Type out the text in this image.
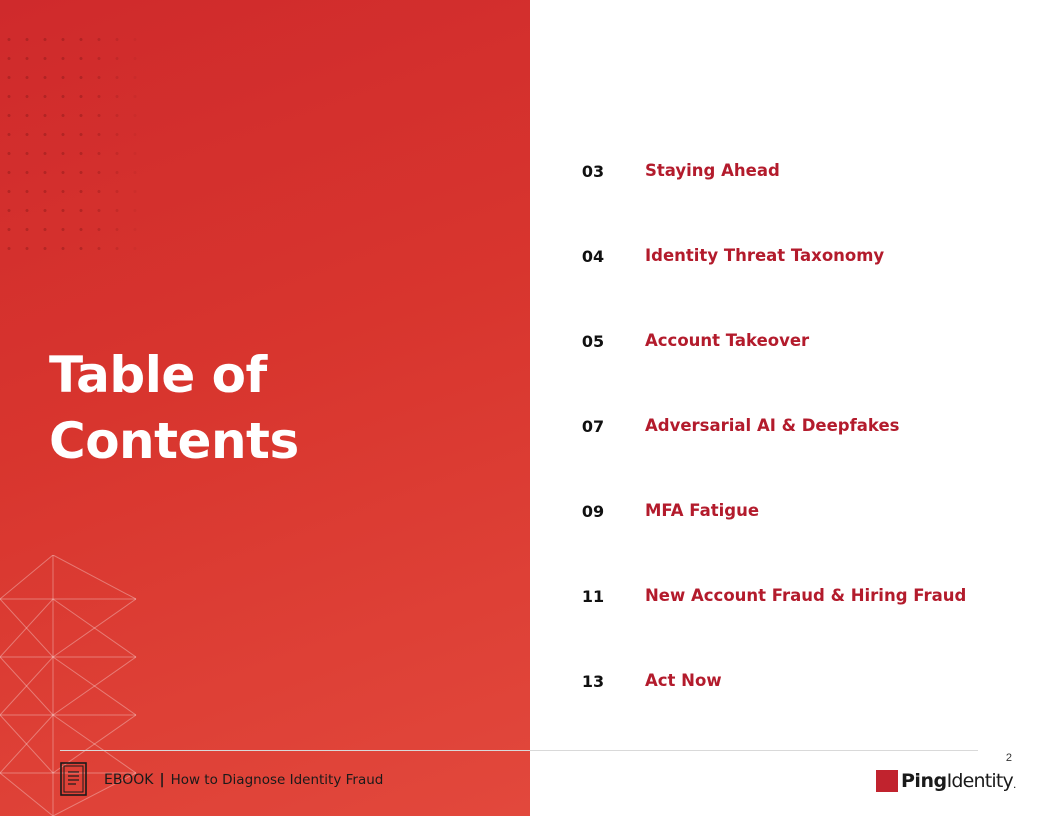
Table of
Contents
03	Staying Ahead
04	Identity Threat Taxonomy
05	Account Takeover
07	Adversarial AI & Deepfakes
09	MFA Fatigue
11	New Account Fraud & Hiring Fraud
13	Act Now
EBOOK | How to Diagnose Identity Fraud
2
Ping Identity .
